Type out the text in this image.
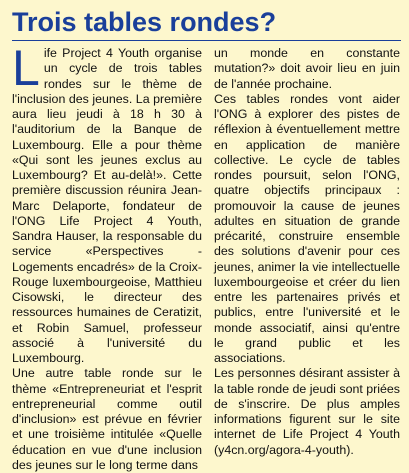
Trois tables rondes?

Life Project 4 Youth organise un cycle de trois tables rondes sur le thème de l'inclusion des jeunes. La première aura lieu jeudi à 18 h 30 à l'auditorium de la Banque de Luxembourg. Elle a pour thème «Qui sont les jeunes exclus au Luxembourg? Et au-delà!». Cette première discussion réunira Jean-Marc Delaporte, fondateur de l'ONG Life Project 4 Youth, Sandra Hauser, la responsable du service «Perspectives - Logements encadrés» de la Croix-Rouge luxembourgeoise, Matthieu Cisowski, le directeur des ressources humaines de Ceratizit, et Robin Samuel, professeur associé à l'université du Luxembourg.

Une autre table ronde sur le thème «Entrepreneuriat et l'esprit entrepreneurial comme outil d'inclusion» est prévue en février et une troisième intitulée «Quelle éducation en vue d'une inclusion des jeunes sur le long terme dans

un monde en constante mutation?» doit avoir lieu en juin de l'année prochaine.

Ces tables rondes vont aider l'ONG à explorer des pistes de réflexion à éventuellement mettre en application de manière collective. Le cycle de tables rondes poursuit, selon l'ONG, quatre objectifs principaux : promouvoir la cause de jeunes adultes en situation de grande précarité, construire ensemble des solutions d'avenir pour ces jeunes, animer la vie intellectuelle luxembourgeoise et créer du lien entre les partenaires privés et publics, entre l'université et le monde associatif, ainsi qu'entre le grand public et les associations.

Les personnes désirant assister à la table ronde de jeudi sont priées de s'inscrire. De plus amples informations figurent sur le site internet de Life Project 4 Youth (y4cn.org/agora-4-youth).
